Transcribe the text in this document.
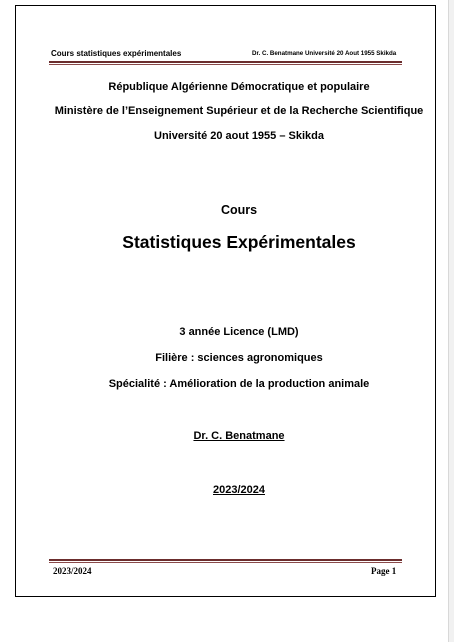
Cours statistiques expérimentales	Dr. C. Benatmane Université 20 Aout 1955 Skikda
République Algérienne Démocratique et populaire
Ministère de l’Enseignement Supérieur et de la Recherche Scientifique
Université 20 aout 1955 – Skikda
Cours
Statistiques Expérimentales
3 année Licence (LMD)
Filière : sciences agronomiques
Spécialité : Amélioration de la production animale
Dr. C. Benatmane
2023/2024
2023/2024	Page 1
